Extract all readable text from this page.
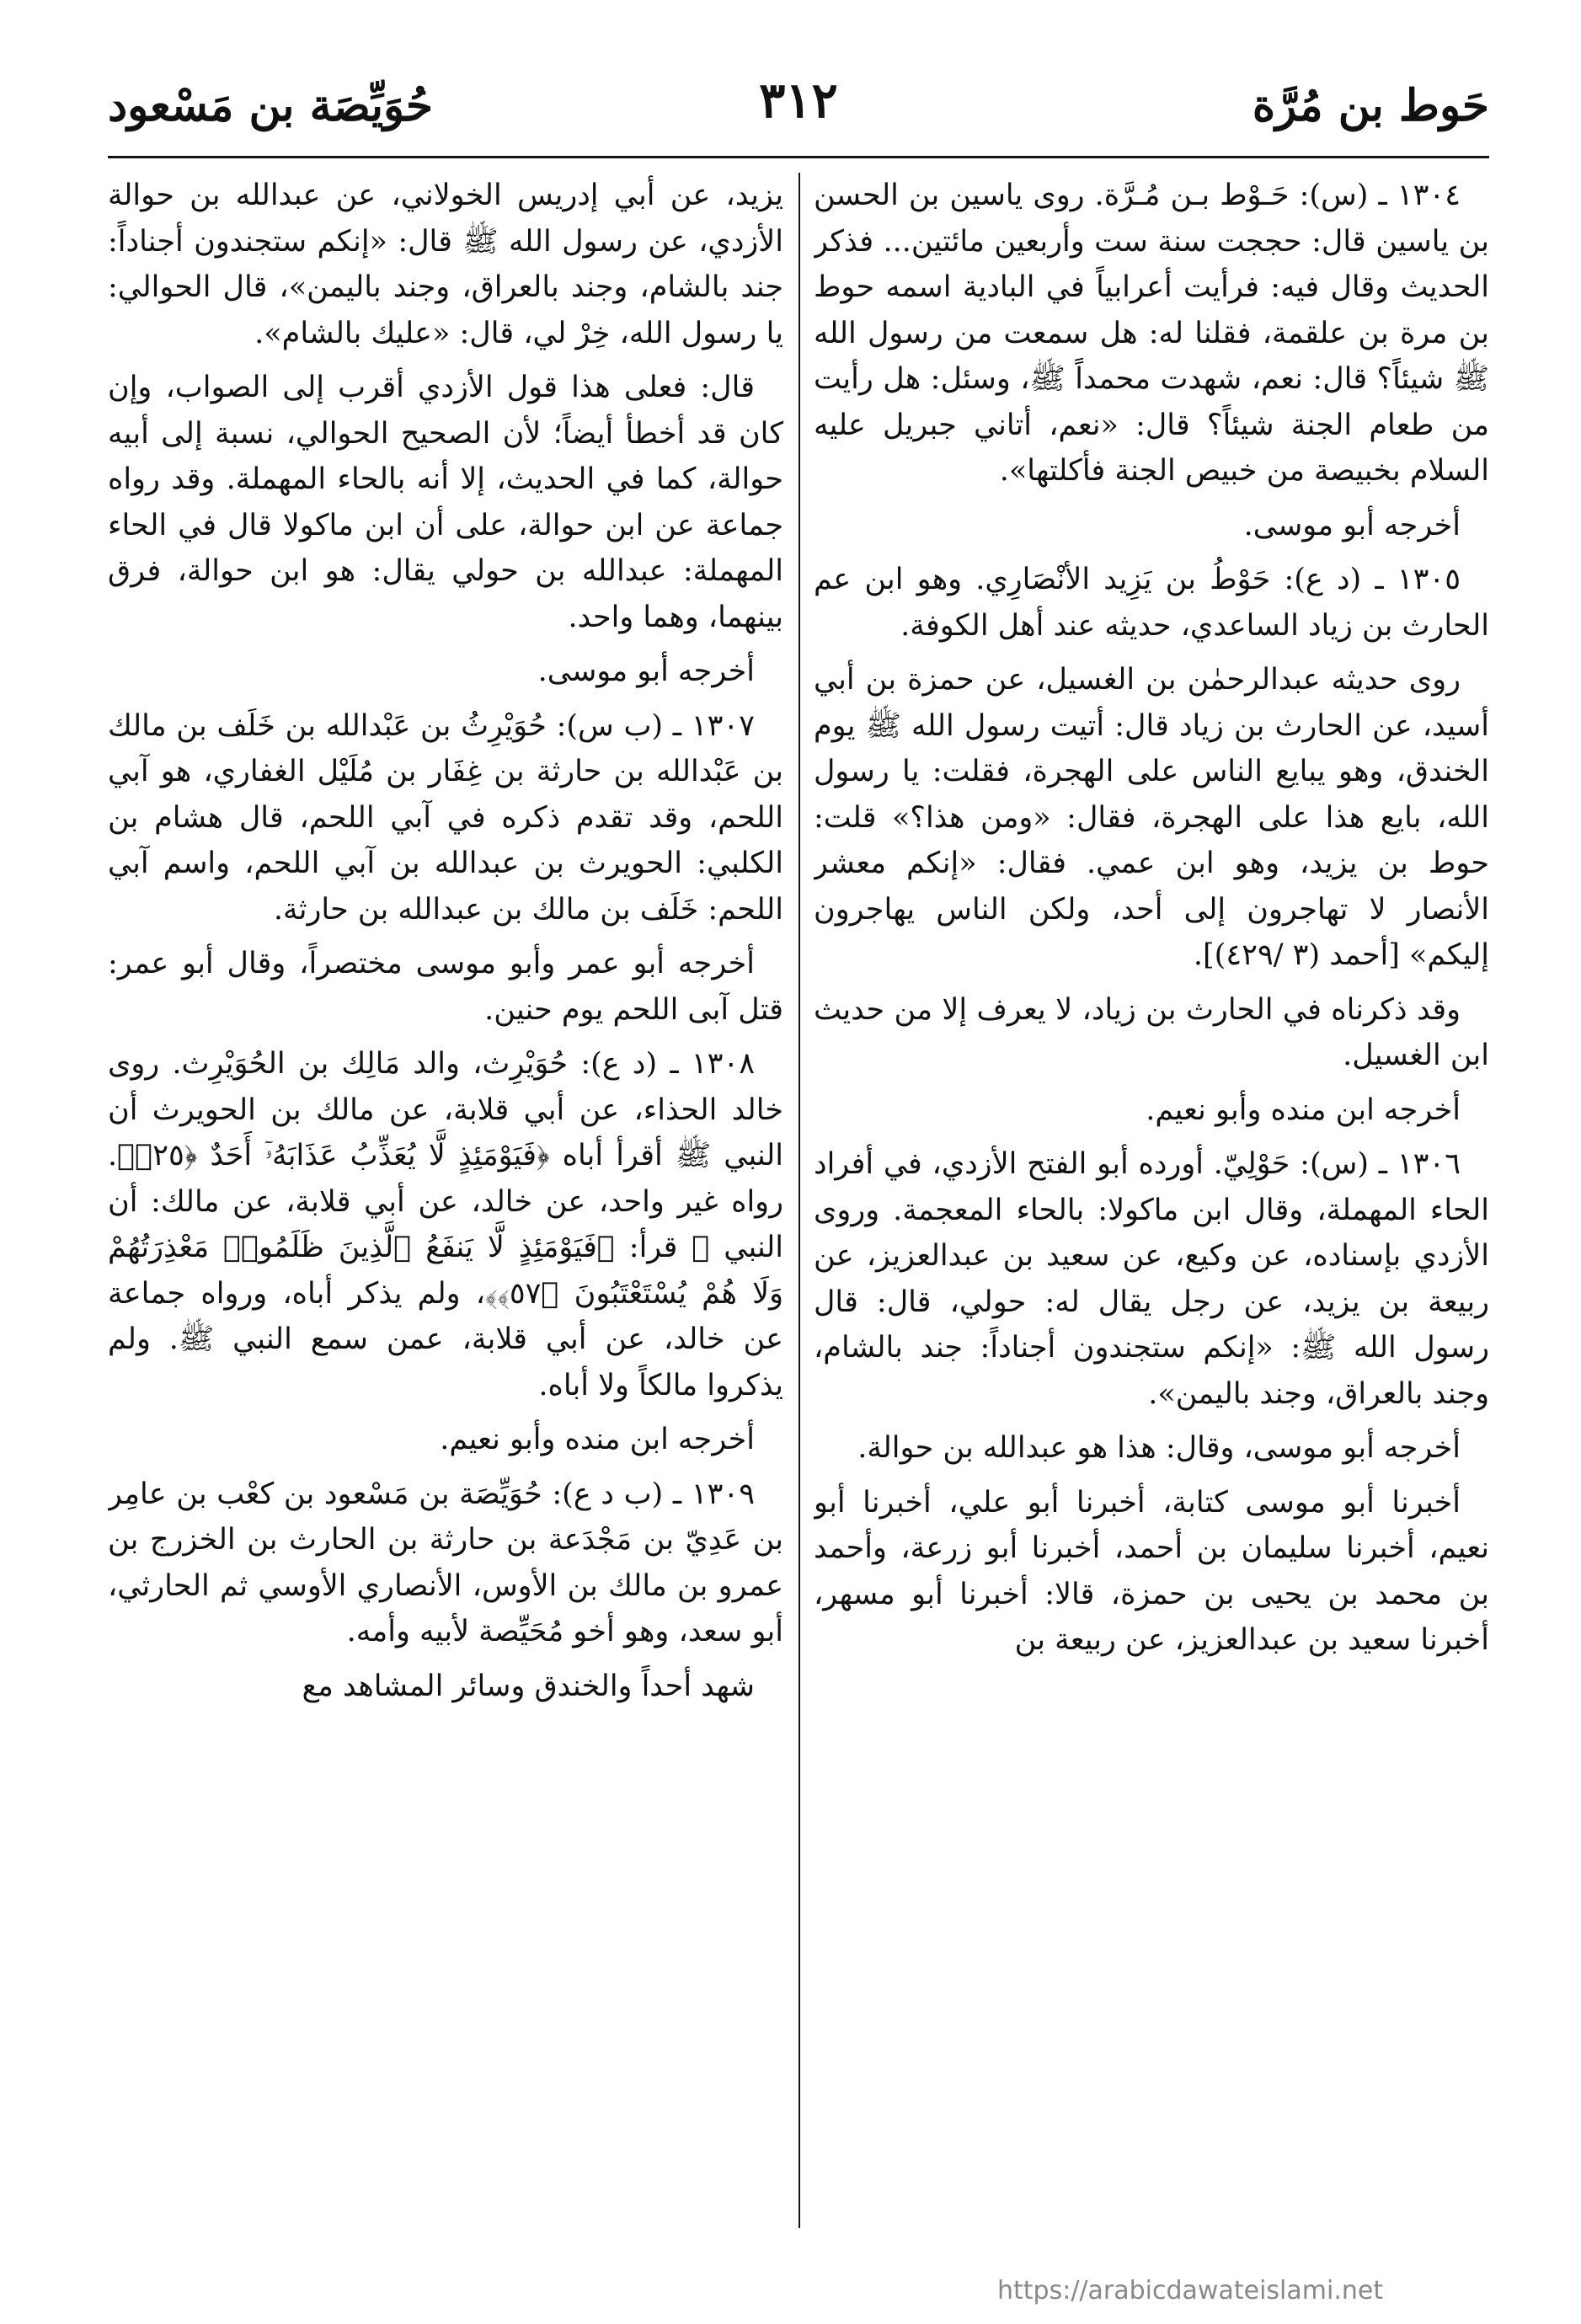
حَوط بن مُرَّة
٣١٢
حُوَيِّصَة بن مَسْعود

١٣٠٤ ـ (س): حَـوْط بـن مُـرَّة. روى ياسين بن الحسن بن ياسين قال: حججت سنة ست وأربعين مائتين... فذكر الحديث وقال فيه: فرأيت أعرابياً في البادية اسمه حوط بن مرة بن علقمة، فقلنا له: هل سمعت من رسول الله ﷺ شيئاً؟ قال: نعم، شهدت محمداً ﷺ، وسئل: هل رأيت من طعام الجنة شيئاً؟ قال: «نعم، أتاني جبريل عليه السلام بخبيصة من خبيص الجنة فأكلتها».

أخرجه أبو موسى.

١٣٠٥ ـ (د ع): حَوْطُ بن يَزِيد الأنْصَارِي. وهو ابن عم الحارث بن زياد الساعدي، حديثه عند أهل الكوفة.

روى حديثه عبدالرحمٰن بن الغسيل، عن حمزة بن أبي أسيد، عن الحارث بن زياد قال: أتيت رسول الله ﷺ يوم الخندق، وهو يبايع الناس على الهجرة، فقلت: يا رسول الله، بايع هذا على الهجرة، فقال: «ومن هذا؟» قلت: حوط بن يزيد، وهو ابن عمي. فقال: «إنكم معشر الأنصار لا تهاجرون إلى أحد، ولكن الناس يهاجرون إليكم» [أحمد (٣ /٤٢٩)].

وقد ذكرناه في الحارث بن زياد، لا يعرف إلا من حديث ابن الغسيل.

أخرجه ابن منده وأبو نعيم.

١٣٠٦ ـ (س): حَوْلِيّ. أورده أبو الفتح الأزدي، في أفراد الحاء المهملة، وقال ابن ماكولا: بالحاء المعجمة. وروى الأزدي بإسناده، عن وكيع، عن سعيد بن عبدالعزيز، عن ربيعة بن يزيد، عن رجل يقال له: حولي، قال: قال رسول الله ﷺ: «إنكم ستجندون أجناداً: جند بالشام، وجند بالعراق، وجند باليمن».

أخرجه أبو موسى، وقال: هذا هو عبدالله بن حوالة.

أخبرنا أبو موسى كتابة، أخبرنا أبو علي، أخبرنا أبو نعيم، أخبرنا سليمان بن أحمد، أخبرنا أبو زرعة، وأحمد بن محمد بن يحيى بن حمزة، قالا: أخبرنا أبو مسهر، أخبرنا سعيد بن عبدالعزيز، عن ربيعة بن

يزيد، عن أبي إدريس الخولاني، عن عبدالله بن حوالة الأزدي، عن رسول الله ﷺ قال: «إنكم ستجندون أجناداً: جند بالشام، وجند بالعراق، وجند باليمن»، قال الحوالي: يا رسول الله، خِرْ لي، قال: «عليك بالشام».

قال: فعلى هذا قول الأزدي أقرب إلى الصواب، وإن كان قد أخطأ أيضاً؛ لأن الصحيح الحوالي، نسبة إلى أبيه حوالة، كما في الحديث، إلا أنه بالحاء المهملة. وقد رواه جماعة عن ابن حوالة، على أن ابن ماكولا قال في الحاء المهملة: عبدالله بن حولي يقال: هو ابن حوالة، فرق بينهما، وهما واحد.

أخرجه أبو موسى.

١٣٠٧ ـ (ب س): حُوَيْرِثُ بن عَبْدالله بن خَلَف بن مالك بن عَبْدالله بن حارثة بن غِفَار بن مُلَيْل الغفاري، هو آبي اللحم، وقد تقدم ذكره في آبي اللحم، قال هشام بن الكلبي: الحويرث بن عبدالله بن آبي اللحم، واسم آبي اللحم: خَلَف بن مالك بن عبدالله بن حارثة.

أخرجه أبو عمر وأبو موسى مختصراً، وقال أبو عمر: قتل آبى اللحم يوم حنين.

١٣٠٨ ـ (د ع): حُوَيْرِث، والد مَالِك بن الحُوَيْرِث. روى خالد الحذاء، عن أبي قلابة، عن مالك بن الحويرث أن النبي ﷺ أقرأ أباه ﴿فَيَوْمَئِذٍ لَّا يُعَذِّبُ عَذَابَهُۥٓ أَحَدٌ ﴿٢٥﴾﴾. رواه غير واحد، عن خالد، عن أبي قلابة، عن مالك: أن النبي ﷺ قرأ: ﴿فَيَوْمَئِذٍ لَّا يَنفَعُ ٱلَّذِينَ ظَلَمُوا۟ مَعْذِرَتُهُمْ وَلَا هُمْ يُسْتَعْتَبُونَ ﴿٥٧﴾﴾، ولم يذكر أباه، ورواه جماعة عن خالد، عن أبي قلابة، عمن سمع النبي ﷺ. ولم يذكروا مالكاً ولا أباه.

أخرجه ابن منده وأبو نعيم.

١٣٠٩ ـ (ب د ع): حُوَيِّصَة بن مَسْعود بن كعْب بن عامِر بن عَدِيّ بن مَجْدَعة بن حارثة بن الحارث بن الخزرج بن عمرو بن مالك بن الأوس، الأنصاري الأوسي ثم الحارثي، أبو سعد، وهو أخو مُحَيِّصة لأبيه وأمه.

شهد أحداً والخندق وسائر المشاهد مع

https://arabicdawateislami.net
